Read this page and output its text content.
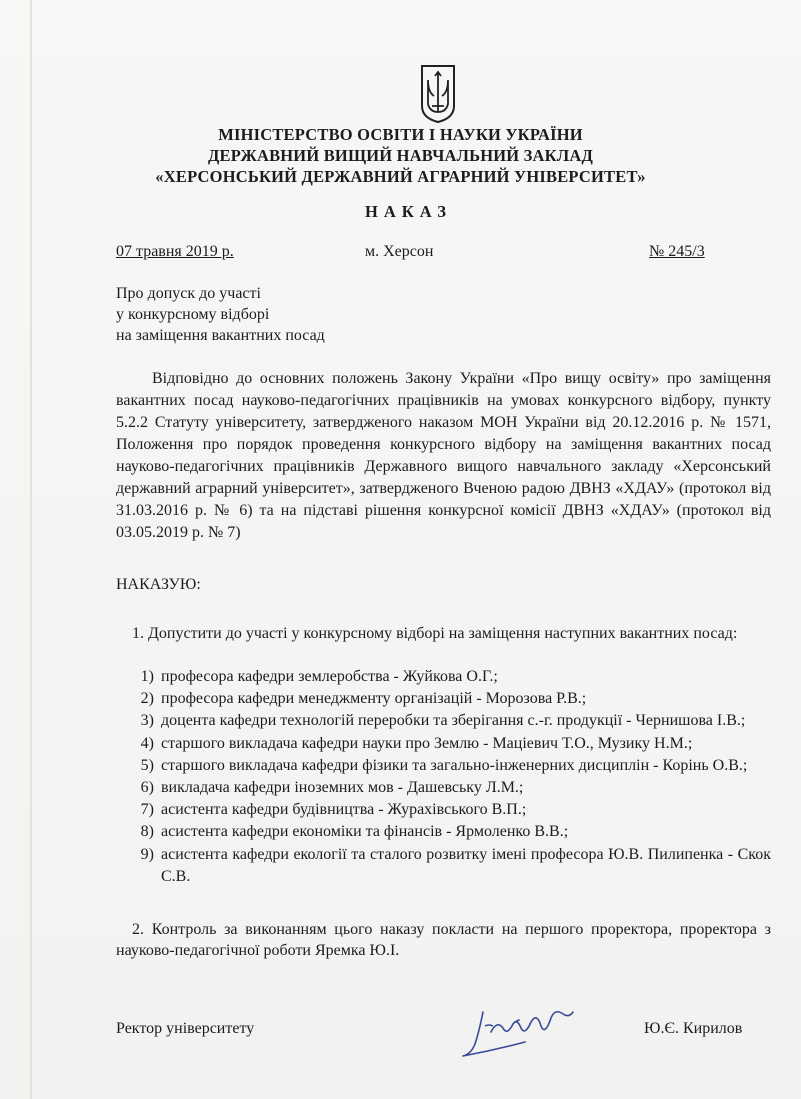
МІНІСТЕРСТВО ОСВІТИ І НАУКИ УКРАЇНИ
ДЕРЖАВНИЙ ВИЩИЙ НАВЧАЛЬНИЙ ЗАКЛАД
«ХЕРСОНСЬКИЙ ДЕРЖАВНИЙ АГРАРНИЙ УНІВЕРСИТЕТ»
НАКАЗ
07 травня 2019 р.	м. Херсон	№ 245/3
Про допуск до участі
у конкурсному відборі
на заміщення вакантних посад
Відповідно до основних положень Закону України «Про вищу освіту» про заміщення вакантних посад науково-педагогічних працівників на умовах конкурсного відбору, пункту 5.2.2 Статуту університету, затвердженого наказом МОН України від 20.12.2016 р. № 1571, Положення про порядок проведення конкурсного відбору на заміщення вакантних посад науково-педагогічних працівників Державного вищого навчального закладу «Херсонський державний аграрний університет», затвердженого Вченою радою ДВНЗ «ХДАУ» (протокол від 31.03.2016 р. № 6) та на підставі рішення конкурсної комісії ДВНЗ «ХДАУ» (протокол від 03.05.2019 р. № 7)
НАКАЗУЮ:
1. Допустити до участі у конкурсному відборі на заміщення наступних вакантних посад:
1) професора кафедри землеробства - Жуйкова О.Г.;
2) професора кафедри менеджменту організацій - Морозова Р.В.;
3) доцента кафедри технологій переробки та зберігання с.-г. продукції - Чернишова І.В.;
4) старшого викладача кафедри науки про Землю - Маціевич Т.О., Музику Н.М.;
5) старшого викладача кафедри фізики та загально-інженерних дисциплін - Корінь О.В.;
6) викладача кафедри іноземних мов - Дашевську Л.М.;
7) асистента кафедри будівництва - Журахівського В.П.;
8) асистента кафедри економіки та фінансів - Ярмоленко В.В.;
9) асистента кафедри екології та сталого розвитку імені професора Ю.В. Пилипенка - Скок С.В.
2. Контроль за виконанням цього наказу покласти на першого проректора, проректора з науково-педагогічної роботи Яремка Ю.І.
Ректор університету	Ю.Є. Кирилов
